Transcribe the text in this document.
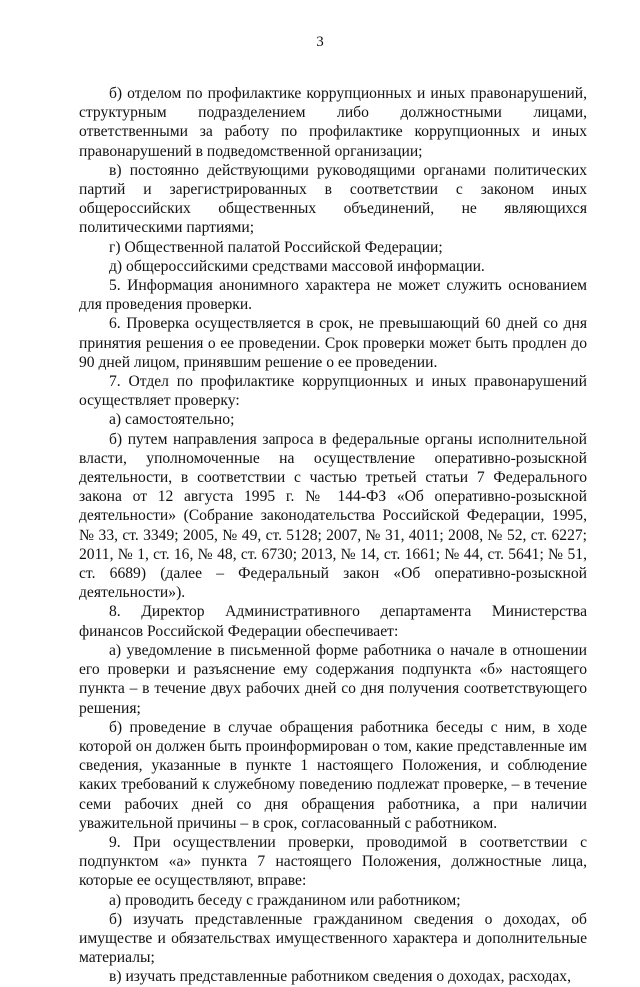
3

б) отделом по профилактике коррупционных и иных правонарушений, структурным подразделением либо должностными лицами, ответственными за работу по профилактике коррупционных и иных правонарушений в подведомственной организации;

в) постоянно действующими руководящими органами политических партий и зарегистрированных в соответствии с законом иных общероссийских общественных объединений, не являющихся политическими партиями;

г) Общественной палатой Российской Федерации;

д) общероссийскими средствами массовой информации.

5. Информация анонимного характера не может служить основанием для проведения проверки.

6. Проверка осуществляется в срок, не превышающий 60 дней со дня принятия решения о ее проведении. Срок проверки может быть продлен до 90 дней лицом, принявшим решение о ее проведении.

7. Отдел по профилактике коррупционных и иных правонарушений осуществляет проверку:

а) самостоятельно;

б) путем направления запроса в федеральные органы исполнительной власти, уполномоченные на осуществление оперативно-розыскной деятельности, в соответствии с частью третьей статьи 7 Федерального закона от 12 августа 1995 г. № 144-ФЗ «Об оперативно-розыскной деятельности» (Собрание законодательства Российской Федерации, 1995, № 33, ст. 3349; 2005, № 49, ст. 5128; 2007, № 31, 4011; 2008, № 52, ст. 6227; 2011, № 1, ст. 16, № 48, ст. 6730; 2013, № 14, ст. 1661; № 44, ст. 5641; № 51, ст. 6689) (далее – Федеральный закон «Об оперативно-розыскной деятельности»).

8. Директор Административного департамента Министерства финансов Российской Федерации обеспечивает:

а) уведомление в письменной форме работника о начале в отношении его проверки и разъяснение ему содержания подпункта «б» настоящего пункта – в течение двух рабочих дней со дня получения соответствующего решения;

б) проведение в случае обращения работника беседы с ним, в ходе которой он должен быть проинформирован о том, какие представленные им сведения, указанные в пункте 1 настоящего Положения, и соблюдение каких требований к служебному поведению подлежат проверке, – в течение семи рабочих дней со дня обращения работника, а при наличии уважительной причины – в срок, согласованный с работником.

9. При осуществлении проверки, проводимой в соответствии с подпунктом «а» пункта 7 настоящего Положения, должностные лица, которые ее осуществляют, вправе:

а) проводить беседу с гражданином или работником;

б) изучать представленные гражданином сведения о доходах, об имуществе и обязательствах имущественного характера и дополнительные материалы;

в) изучать представленные работником сведения о доходах, расходах,
